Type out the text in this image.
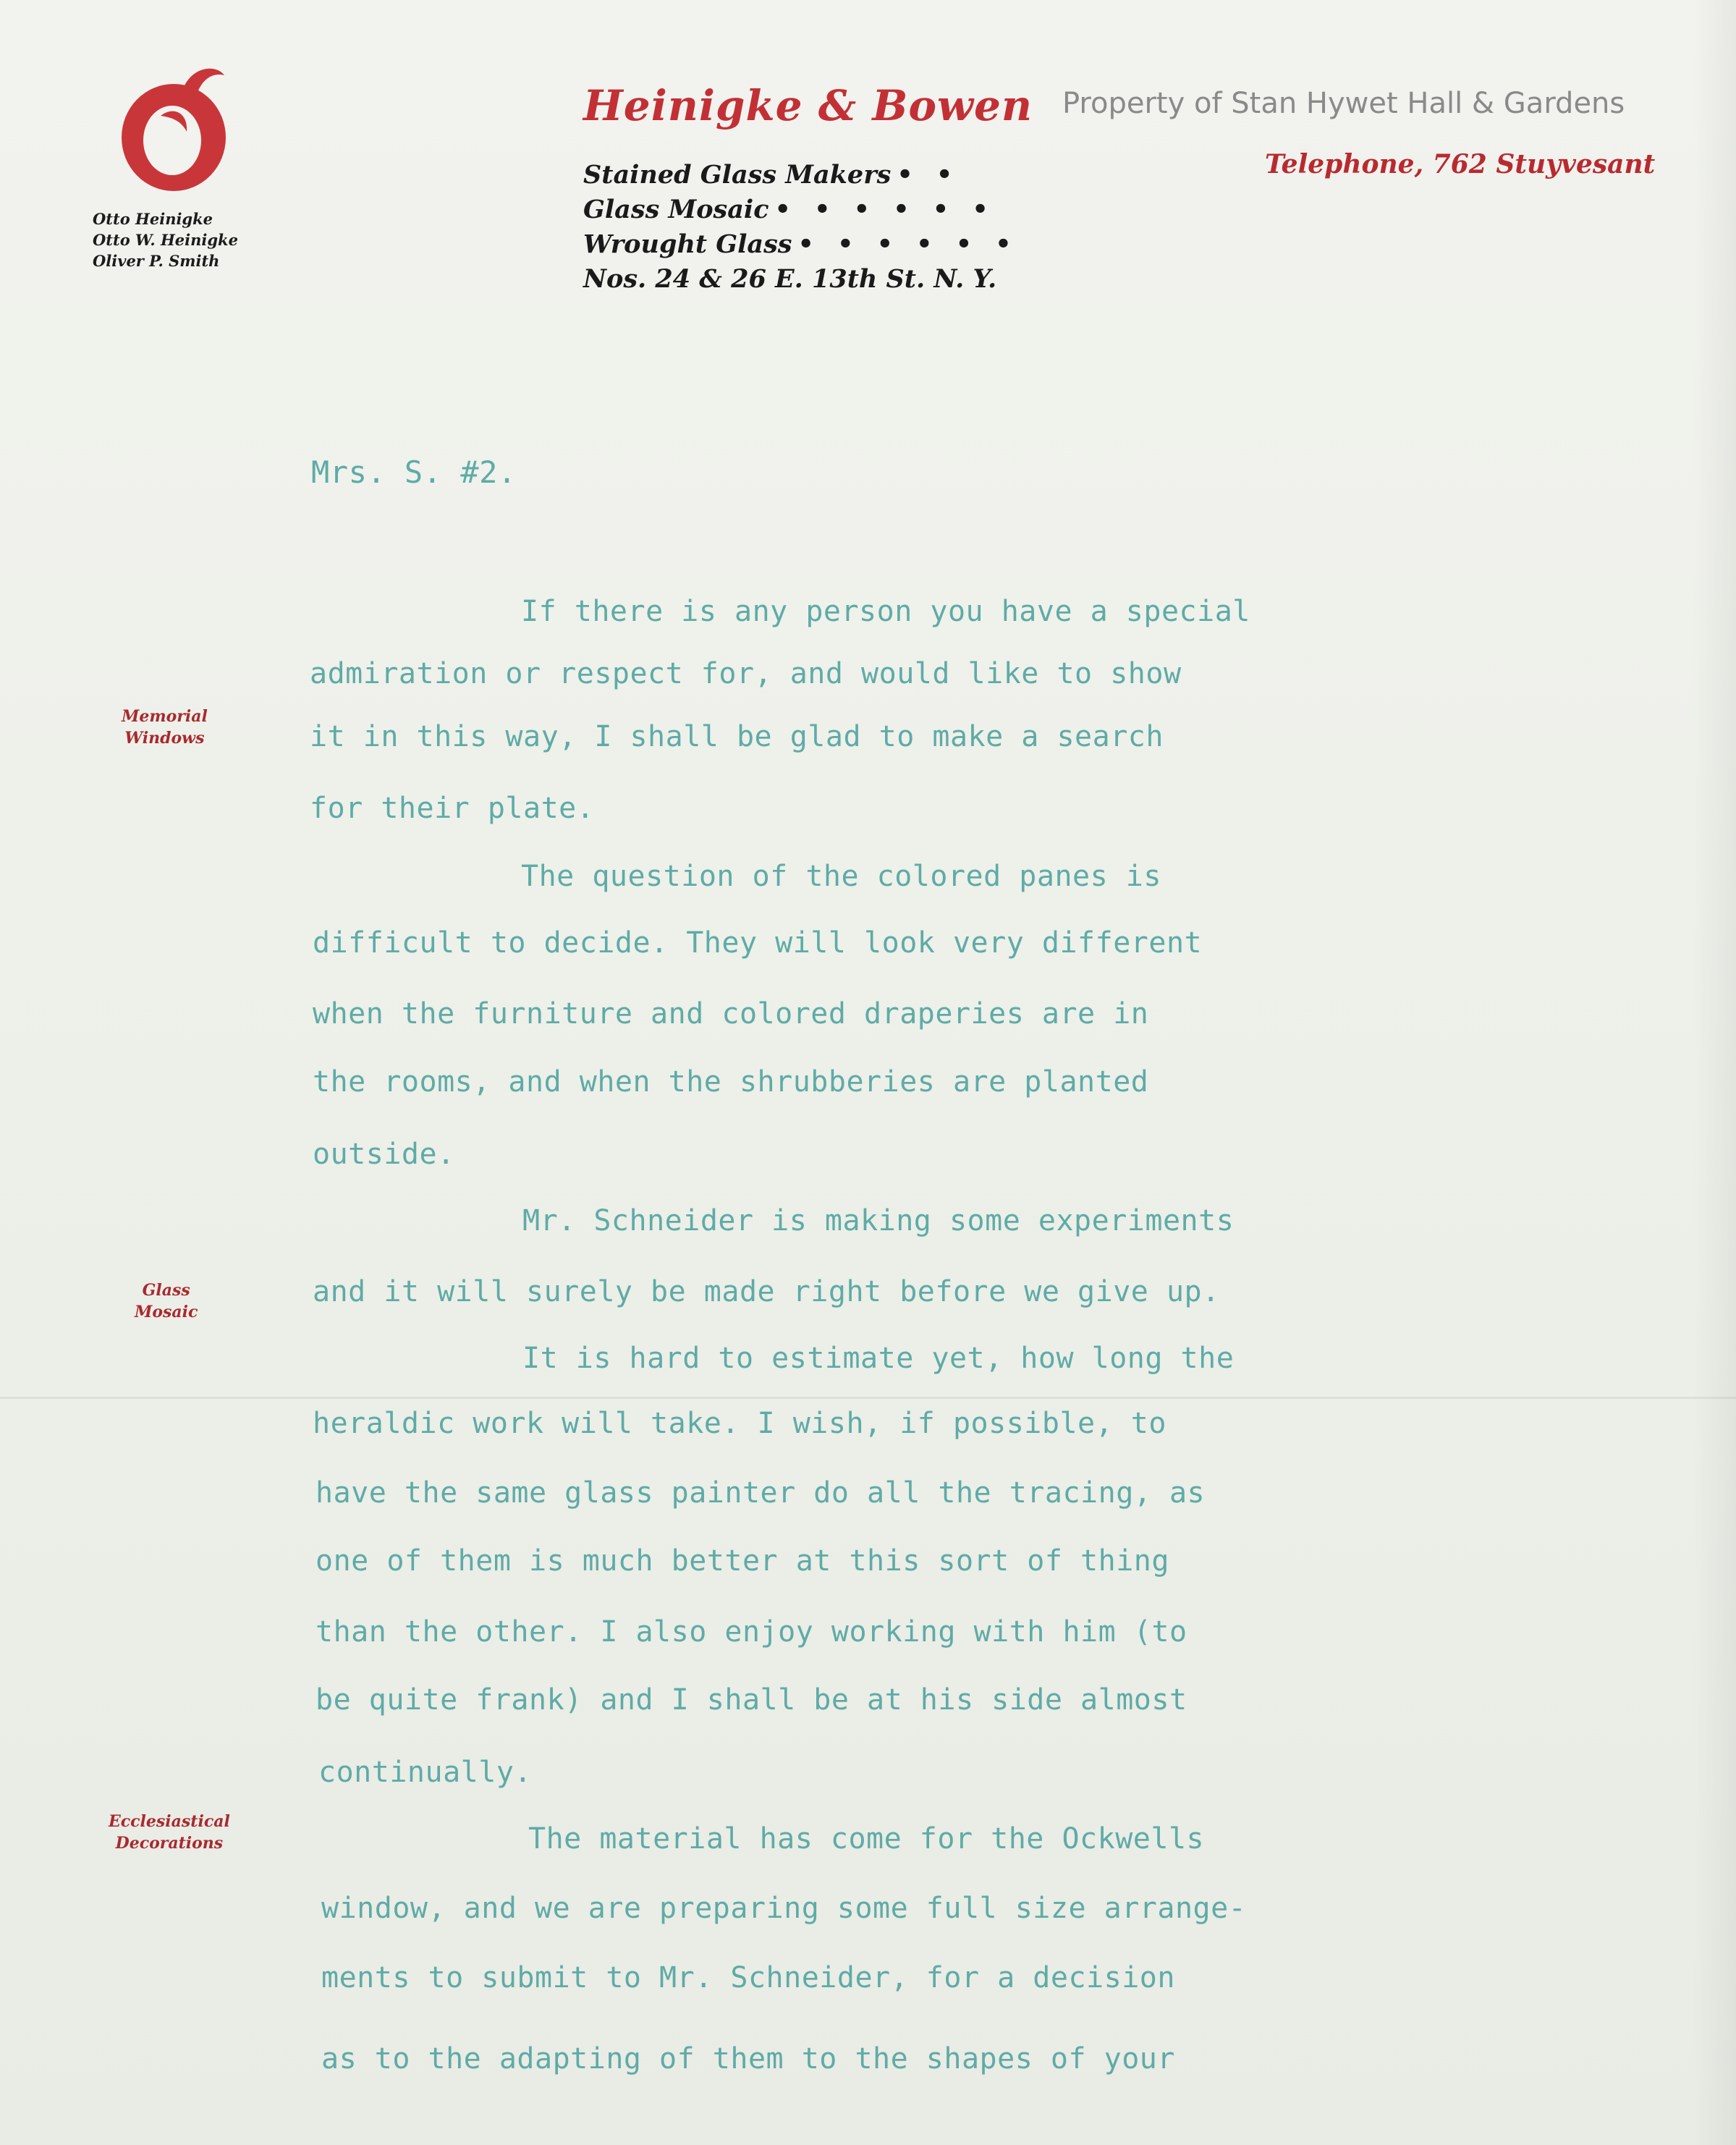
Otto Heinigke
Otto W. Heinigke
Oliver P. Smith
Heinigke & Bowen
Stained Glass Makers • •
Glass Mosaic • • • • • •
Wrought Glass • • • • • •
Nos. 24 & 26 E. 13th St. N. Y.
Property of Stan Hywet Hall & Gardens
Telephone, 762 Stuyvesant
Memorial
Windows
Glass
Mosaic
Ecclesiastical
Decorations
Mrs. S. #2.
If there is any person you have a special
admiration or respect for, and would like to show
it in this way, I shall be glad to make a search
for their plate.
The question of the colored panes is
difficult to decide. They will look very different
when the furniture and colored draperies are in
the rooms, and when the shrubberies are planted
outside.
Mr. Schneider is making some experiments
and it will surely be made right before we give up.
It is hard to estimate yet, how long the
heraldic work will take. I wish, if possible, to
have the same glass painter do all the tracing, as
one of them is much better at this sort of thing
than the other. I also enjoy working with him (to
be quite frank) and I shall be at his side almost
continually.
The material has come for the Ockwells
window, and we are preparing some full size arrange-
ments to submit to Mr. Schneider, for a decision
as to the adapting of them to the shapes of your
